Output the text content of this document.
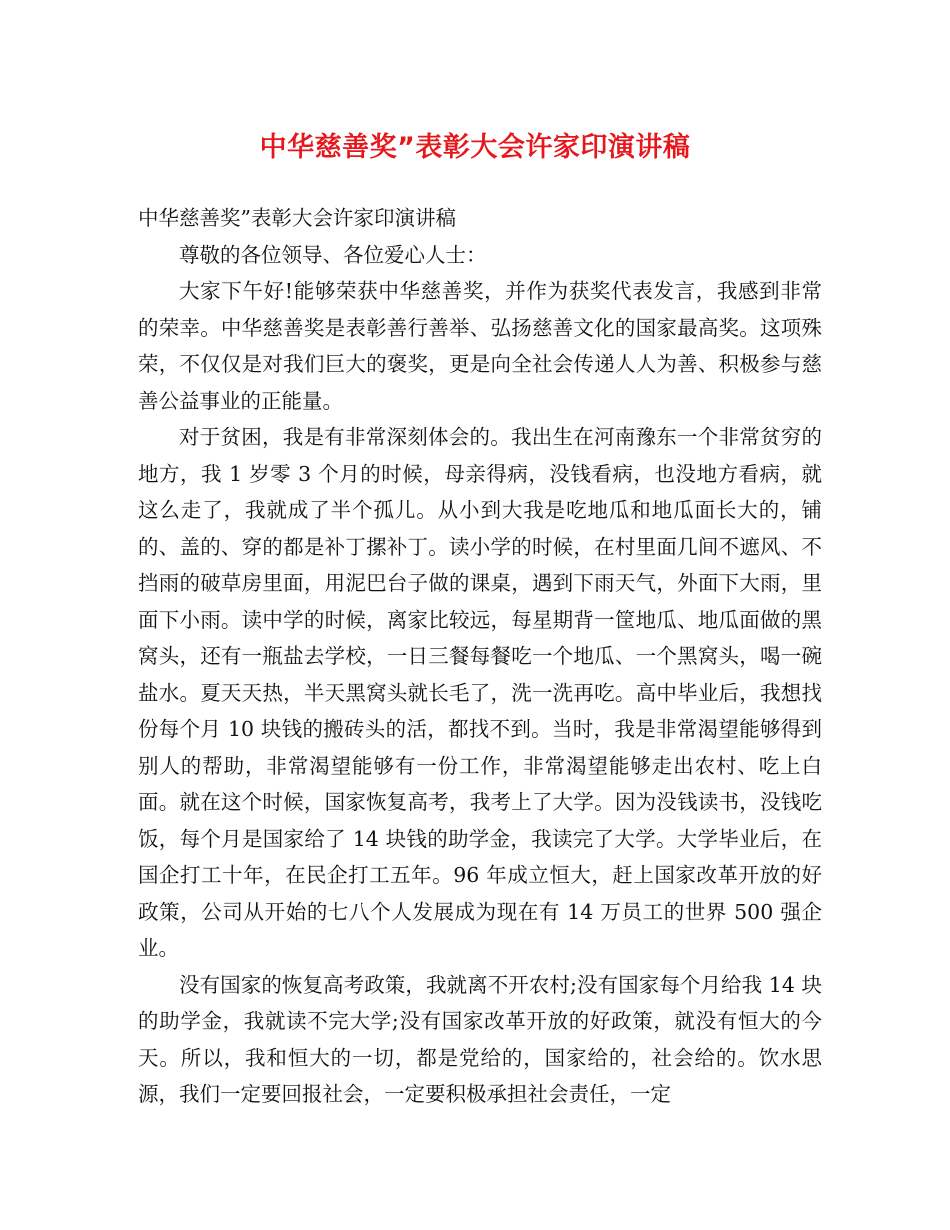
中华慈善奖”表彰大会许家印演讲稿

中华慈善奖”表彰大会许家印演讲稿

尊敬的各位领导、各位爱心人士：

大家下午好!能够荣获中华慈善奖，并作为获奖代表发言，我感到非常的荣幸。中华慈善奖是表彰善行善举、弘扬慈善文化的国家最高奖。这项殊荣，不仅仅是对我们巨大的褒奖，更是向全社会传递人人为善、积极参与慈善公益事业的正能量。

对于贫困，我是有非常深刻体会的。我出生在河南豫东一个非常贫穷的地方，我 1 岁零 3 个月的时候，母亲得病，没钱看病，也没地方看病，就这么走了，我就成了半个孤儿。从小到大我是吃地瓜和地瓜面长大的，铺的、盖的、穿的都是补丁摞补丁。读小学的时候，在村里面几间不遮风、不挡雨的破草房里面，用泥巴台子做的课桌，遇到下雨天气，外面下大雨，里面下小雨。读中学的时候，离家比较远，每星期背一筐地瓜、地瓜面做的黑窝头，还有一瓶盐去学校，一日三餐每餐吃一个地瓜、一个黑窝头，喝一碗盐水。夏天天热，半天黑窝头就长毛了，洗一洗再吃。高中毕业后，我想找份每个月 10 块钱的搬砖头的活，都找不到。当时，我是非常渴望能够得到别人的帮助，非常渴望能够有一份工作，非常渴望能够走出农村、吃上白面。就在这个时候，国家恢复高考，我考上了大学。因为没钱读书，没钱吃饭，每个月是国家给了 14 块钱的助学金，我读完了大学。大学毕业后，在国企打工十年，在民企打工五年。96 年成立恒大，赶上国家改革开放的好政策，公司从开始的七八个人发展成为现在有 14 万员工的世界 500 强企业。

没有国家的恢复高考政策，我就离不开农村;没有国家每个月给我 14 块的助学金，我就读不完大学;没有国家改革开放的好政策，就没有恒大的今天。所以，我和恒大的一切，都是党给的，国家给的，社会给的。饮水思源，我们一定要回报社会，一定要积极承担社会责任，一定
